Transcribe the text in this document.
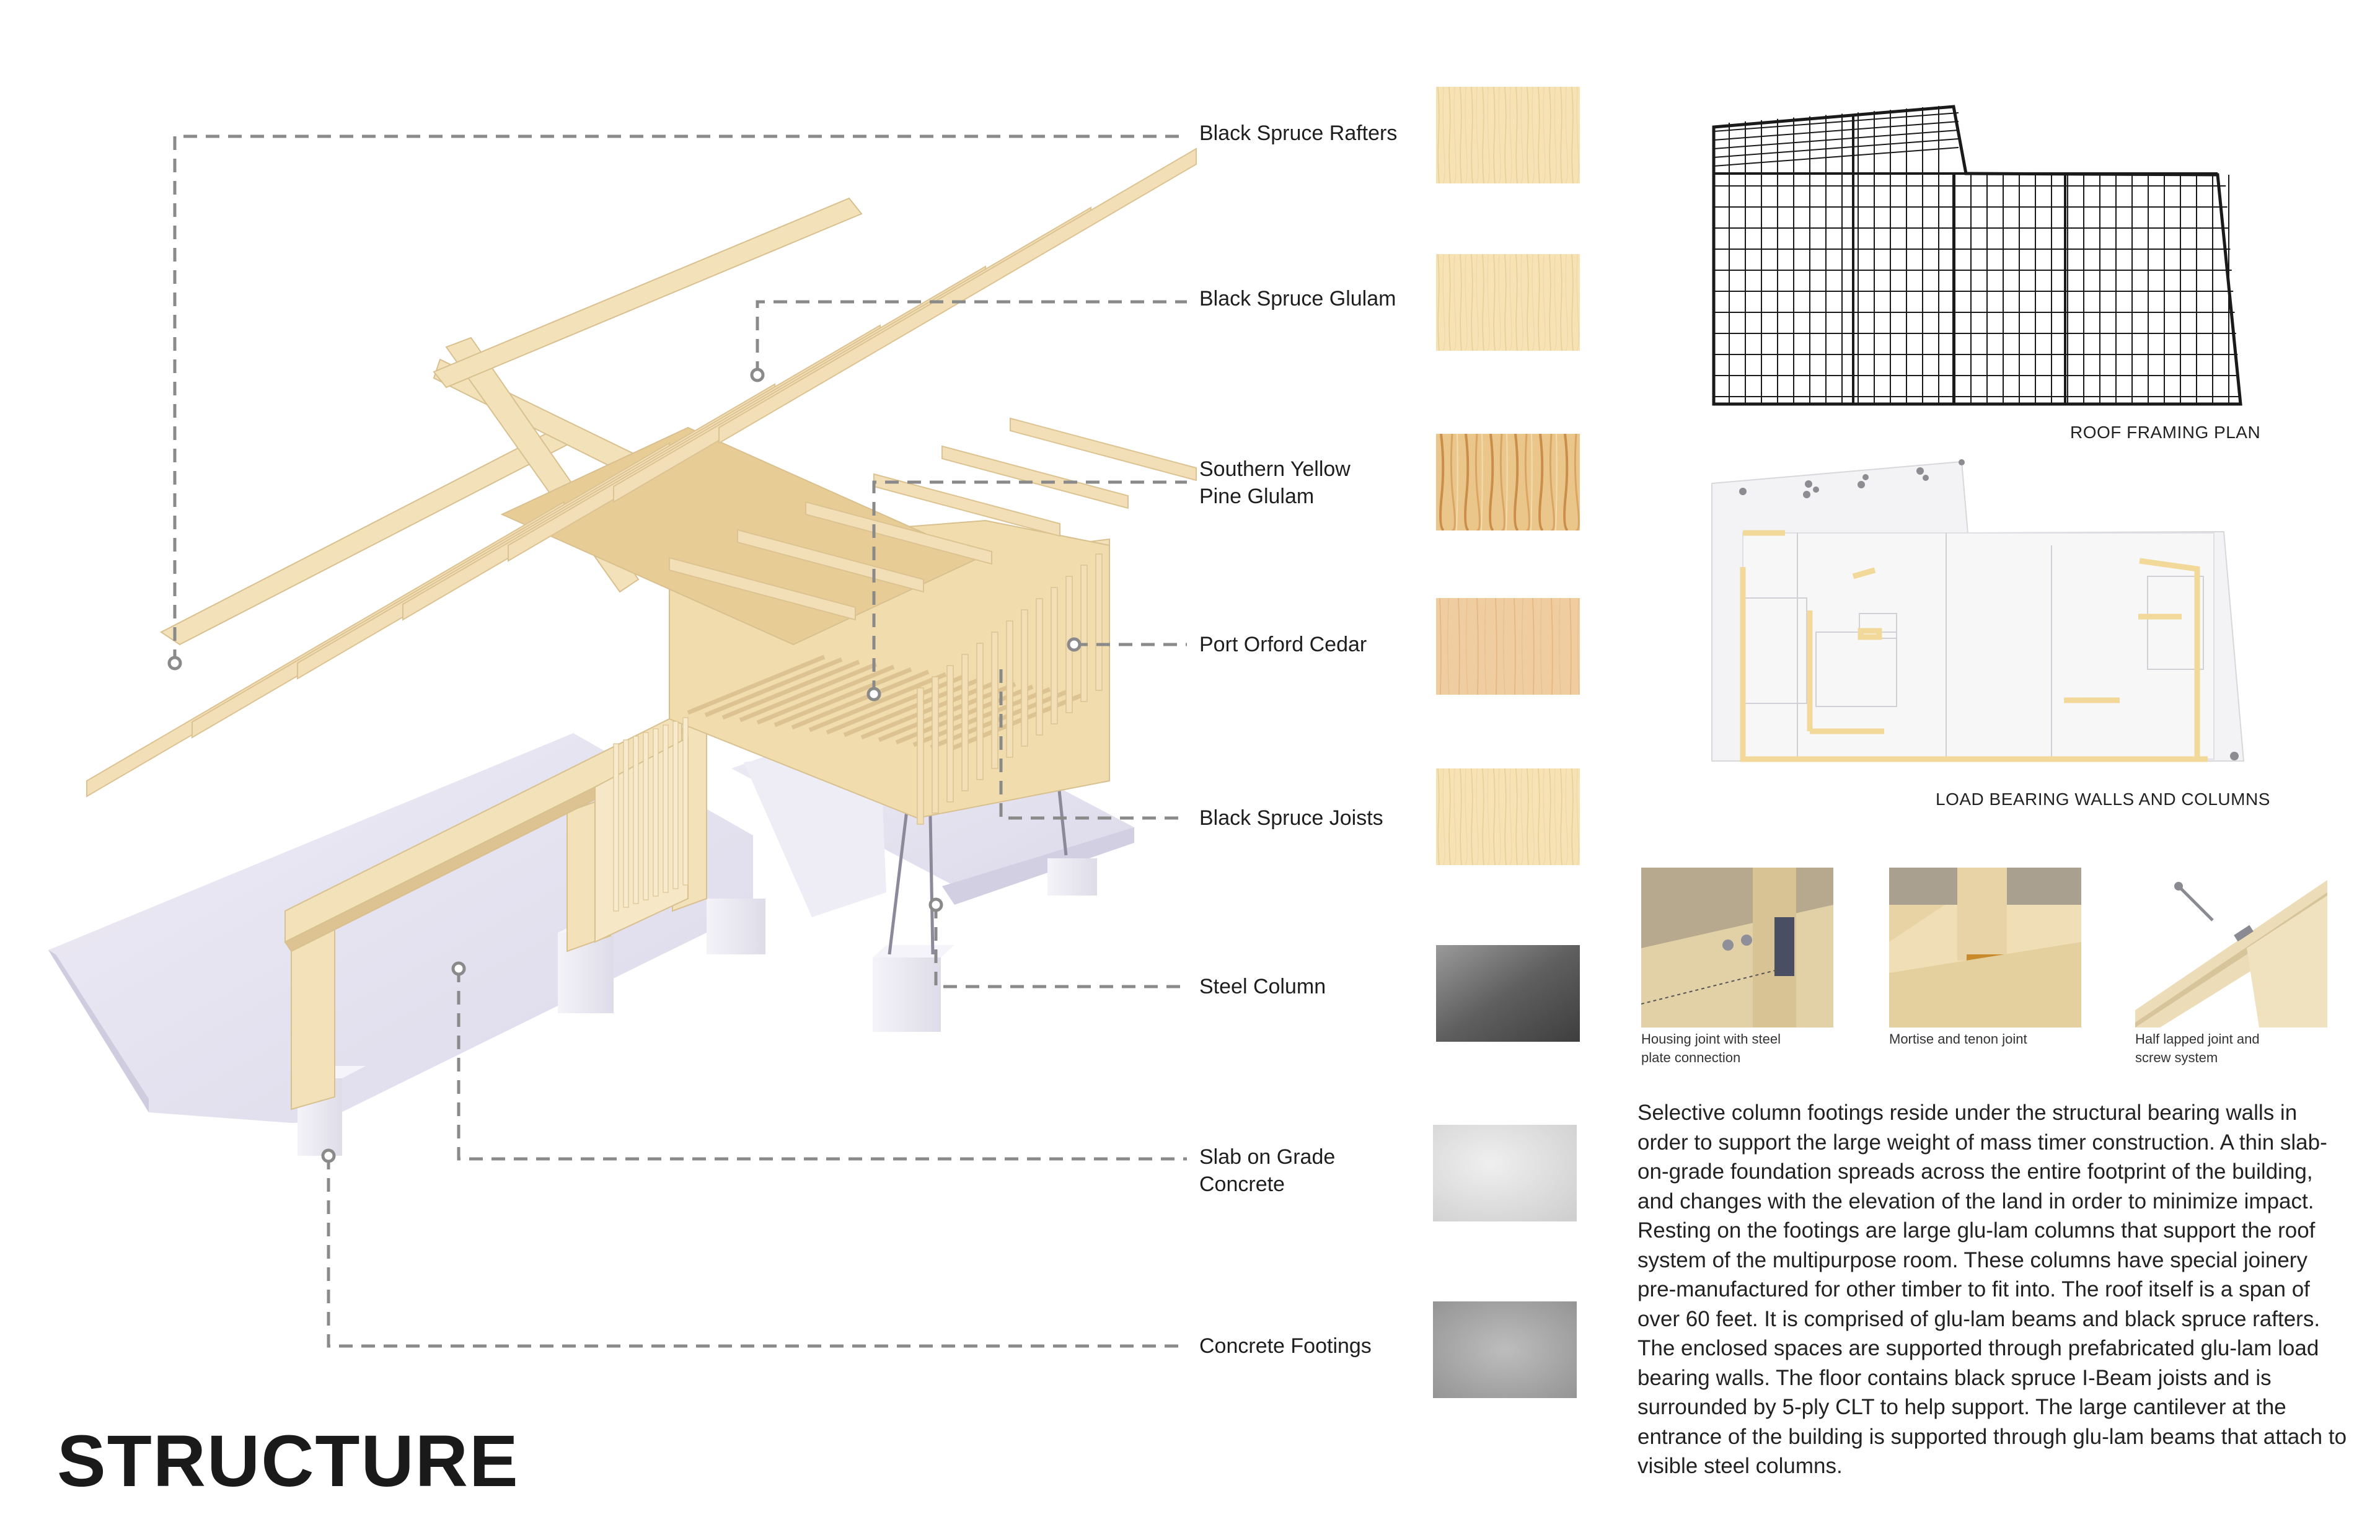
Black Spruce Rafters
Black Spruce Glulam
Southern Yellow
Pine Glulam
Port Orford Cedar
Black Spruce Joists
Steel Column
Slab on Grade
Concrete
Concrete Footings
ROOF FRAMING PLAN
LOAD BEARING WALLS AND COLUMNS
Housing joint with steel
plate connection
Mortise and tenon joint	Half lapped joint and
screw system
Selective column footings reside under the structural bearing walls in order to support the large weight of mass timer construction. A thin slab-on-grade foundation spreads across the entire footprint of the building, and changes with the elevation of the land in order to minimize impact. Resting on the footings are large glu-lam columns that support the roof system of the multipurpose room. These columns have special joinery pre-manufactured for other timber to fit into. The roof itself is a span of over 60 feet. It is comprised of glu-lam beams and black spruce rafters. The enclosed spaces are supported through prefabricated glu-lam load bearing walls. The floor contains black spruce I-Beam joists and is surrounded by 5-ply CLT to help support. The large cantilever at the entrance of the building is supported through glu-lam beams that attach to visible steel columns.
STRUCTURE
